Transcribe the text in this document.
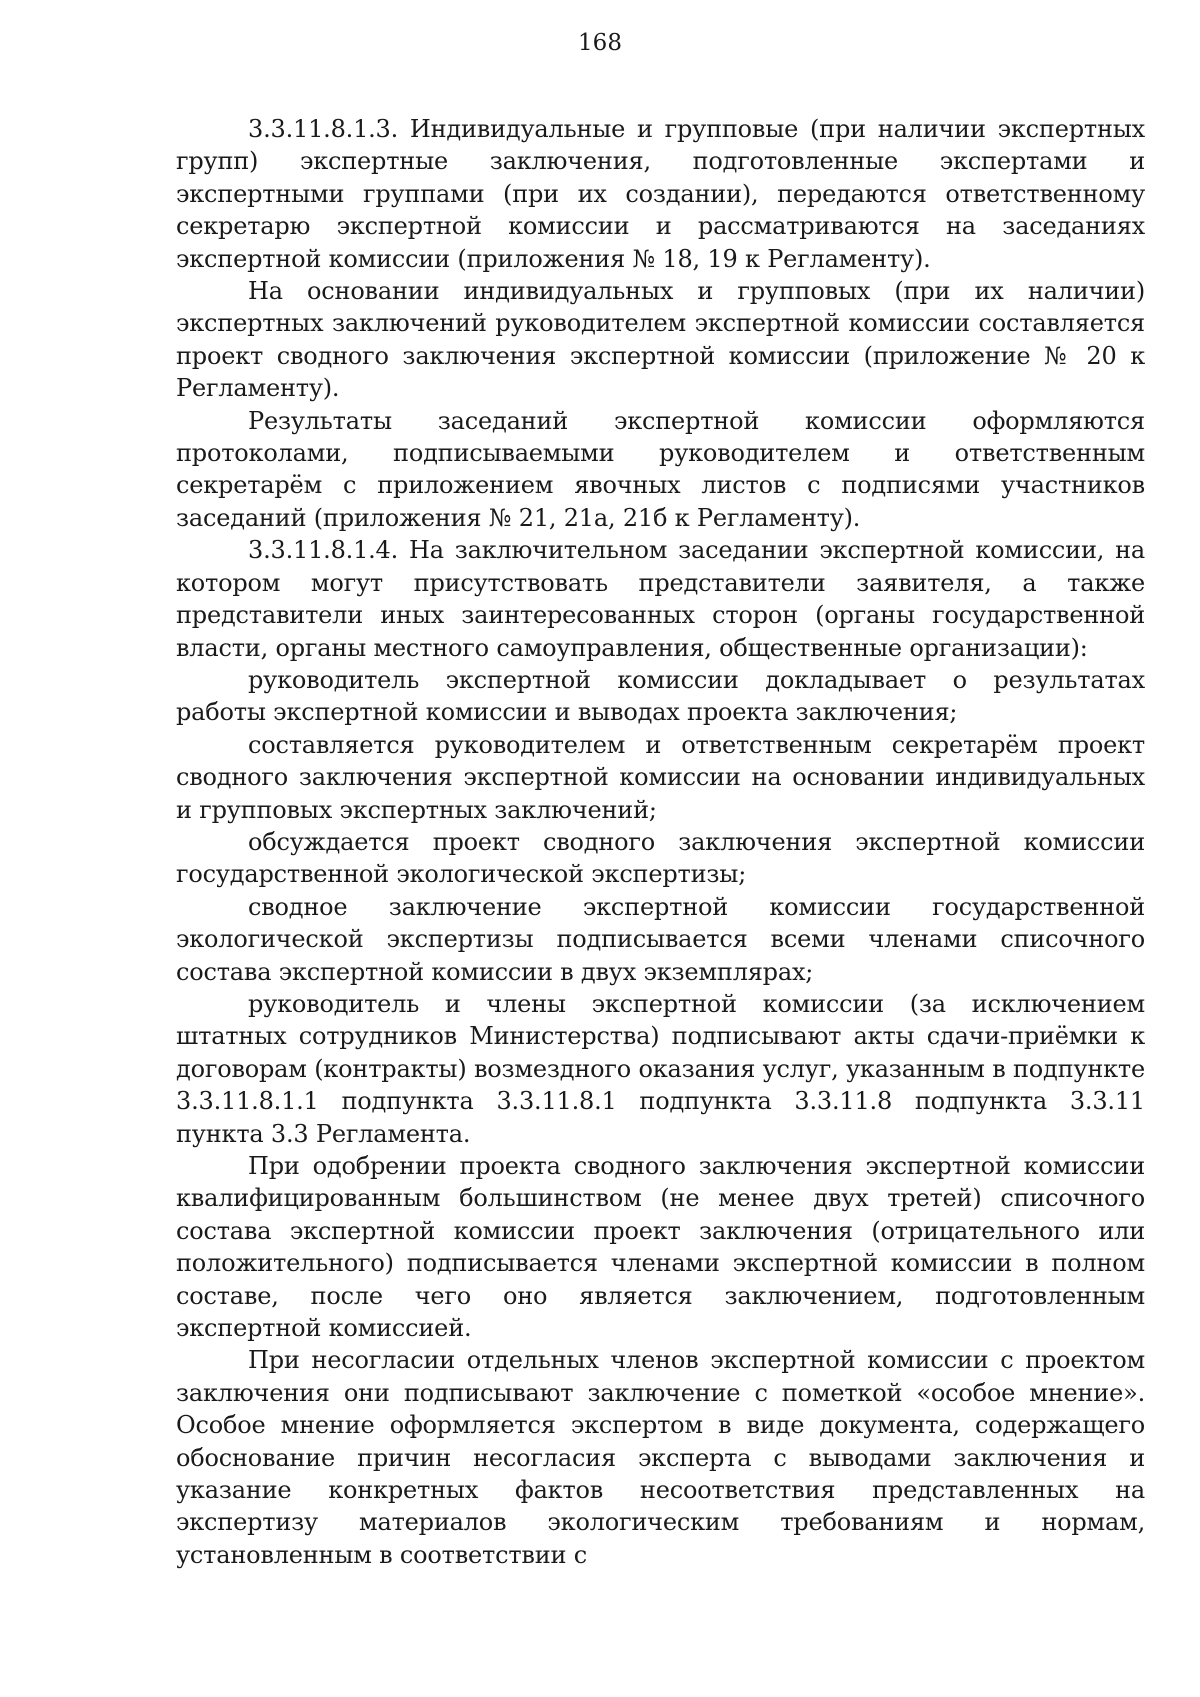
168

3.3.11.8.1.3. Индивидуальные и групповые (при наличии экспертных групп) экспертные заключения, подготовленные экспертами и экспертными группами (при их создании), передаются ответственному секретарю экспертной комиссии и рассматриваются на заседаниях экспертной комиссии (приложения № 18, 19 к Регламенту).

На основании индивидуальных и групповых (при их наличии) экспертных заключений руководителем экспертной комиссии составляется проект сводного заключения экспертной комиссии (приложение № 20 к Регламенту).

Результаты заседаний экспертной комиссии оформляются протоколами, подписываемыми руководителем и ответственным секретарём с приложением явочных листов с подписями участников заседаний (приложения № 21, 21а, 21б к Регламенту).

3.3.11.8.1.4. На заключительном заседании экспертной комиссии, на котором могут присутствовать представители заявителя, а также представители иных заинтересованных сторон (органы государственной власти, органы местного самоуправления, общественные организации):

руководитель экспертной комиссии докладывает о результатах работы экспертной комиссии и выводах проекта заключения;

составляется руководителем и ответственным секретарём проект сводного заключения экспертной комиссии на основании индивидуальных и групповых экспертных заключений;

обсуждается проект сводного заключения экспертной комиссии государственной экологической экспертизы;

сводное заключение экспертной комиссии государственной экологической экспертизы подписывается всеми членами списочного состава экспертной комиссии в двух экземплярах;

руководитель и члены экспертной комиссии (за исключением штатных сотрудников Министерства) подписывают акты сдачи-приёмки к договорам (контракты) возмездного оказания услуг, указанным в подпункте 3.3.11.8.1.1 подпункта 3.3.11.8.1 подпункта 3.3.11.8 подпункта 3.3.11 пункта 3.3 Регламента.

При одобрении проекта сводного заключения экспертной комиссии квалифицированным большинством (не менее двух третей) списочного состава экспертной комиссии проект заключения (отрицательного или положительного) подписывается членами экспертной комиссии в полном составе, после чего оно является заключением, подготовленным экспертной комиссией.

При несогласии отдельных членов экспертной комиссии с проектом заключения они подписывают заключение с пометкой «особое мнение». Особое мнение оформляется экспертом в виде документа, содержащего обоснование причин несогласия эксперта с выводами заключения и указание конкретных фактов несоответствия представленных на экспертизу материалов экологическим требованиям и нормам, установленным в соответствии с
